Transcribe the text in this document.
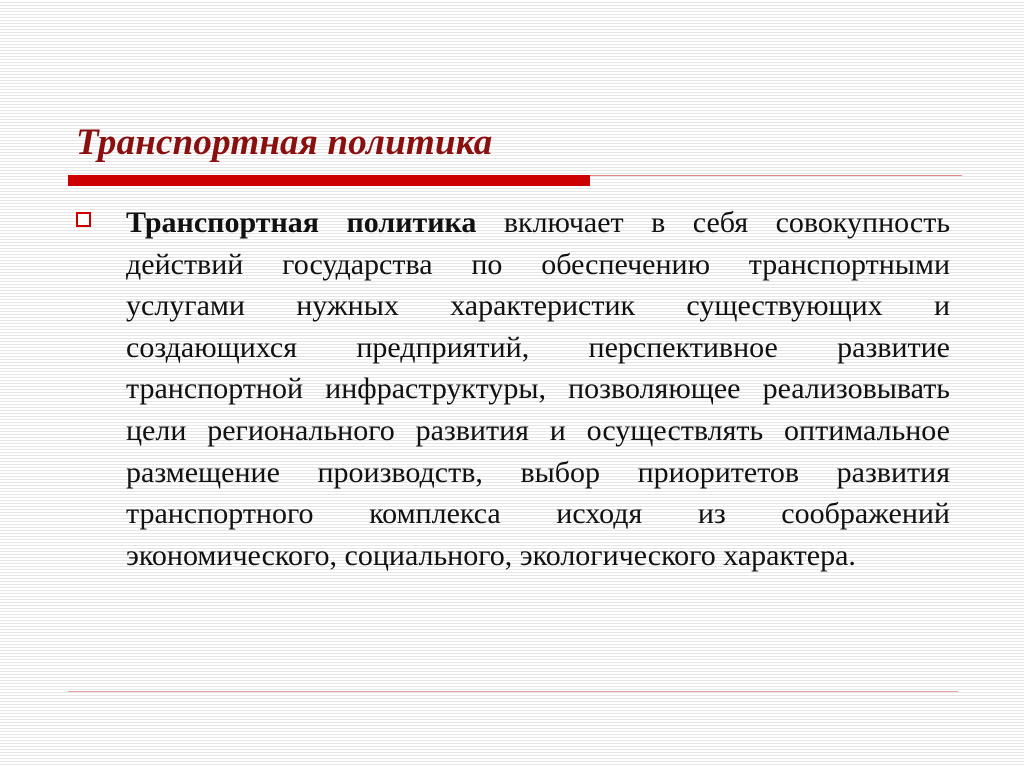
Транспортная политика

Транспортная политика включает в себя совокупность действий государства по обеспечению транспортными услугами нужных характеристик существующих и создающихся предприятий, перспективное развитие транспортной инфраструктуры, позволяющее реализовывать цели регионального развития и осуществлять оптимальное размещение производств, выбор приоритетов развития транспортного комплекса исходя из соображений экономического, социального, экологического характера.
